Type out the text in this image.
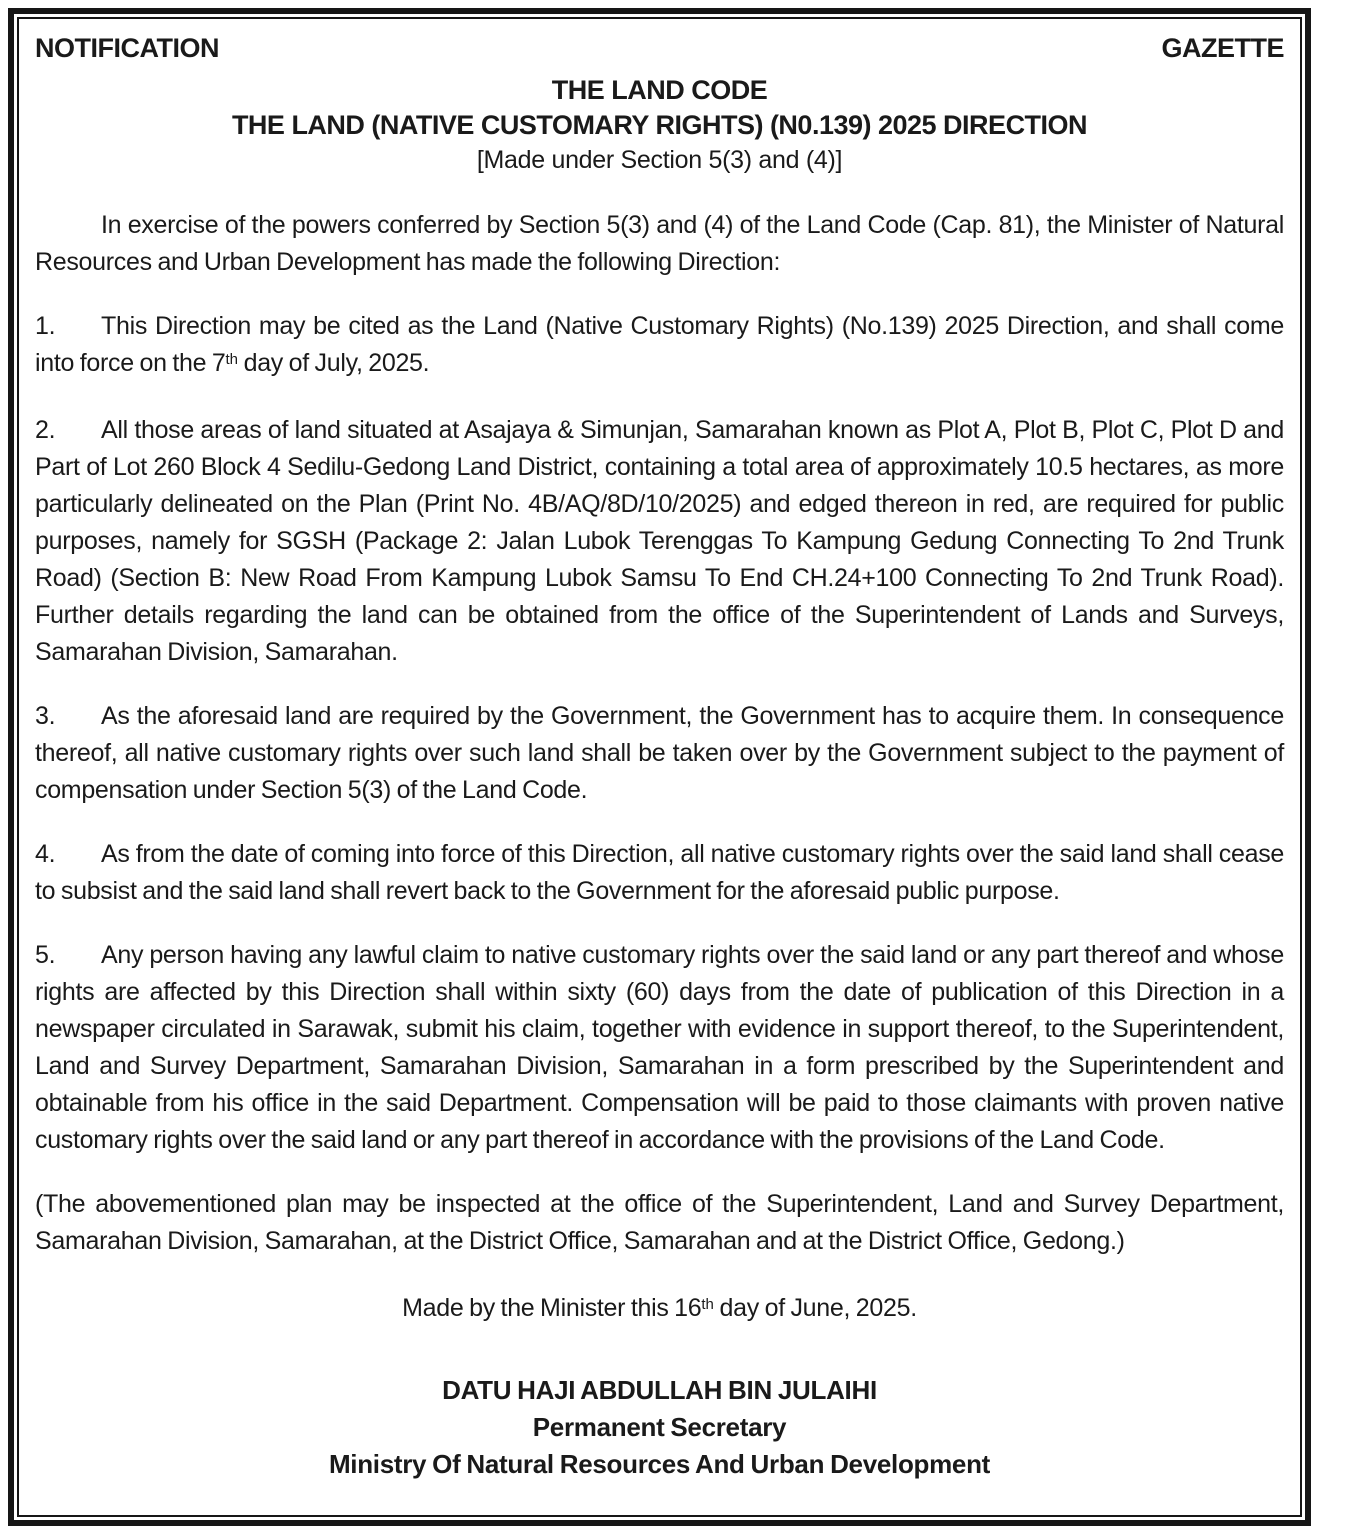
NOTIFICATION	GAZETTE
THE LAND CODE
THE LAND (NATIVE CUSTOMARY RIGHTS) (N0.139) 2025 DIRECTION
[Made under Section 5(3) and (4)]

In exercise of the powers conferred by Section 5(3) and (4) of the Land Code (Cap. 81), the Minister of Natural Resources and Urban Development has made the following Direction:

1. This Direction may be cited as the Land (Native Customary Rights) (No.139) 2025 Direction, and shall come into force on the 7th day of July, 2025.

2. All those areas of land situated at Asajaya & Simunjan, Samarahan known as Plot A, Plot B, Plot C, Plot D and Part of Lot 260 Block 4 Sedilu-Gedong Land District, containing a total area of approximately 10.5 hectares, as more particularly delineated on the Plan (Print No. 4B/AQ/8D/10/2025) and edged thereon in red, are required for public purposes, namely for SGSH (Package 2: Jalan Lubok Terenggas To Kampung Gedung Connecting To 2nd Trunk Road) (Section B: New Road From Kampung Lubok Samsu To End CH.24+100 Connecting To 2nd Trunk Road). Further details regarding the land can be obtained from the office of the Superintendent of Lands and Surveys, Samarahan Division, Samarahan.

3. As the aforesaid land are required by the Government, the Government has to acquire them. In consequence thereof, all native customary rights over such land shall be taken over by the Government subject to the payment of compensation under Section 5(3) of the Land Code.

4. As from the date of coming into force of this Direction, all native customary rights over the said land shall cease to subsist and the said land shall revert back to the Government for the aforesaid public purpose.

5. Any person having any lawful claim to native customary rights over the said land or any part thereof and whose rights are affected by this Direction shall within sixty (60) days from the date of publication of this Direction in a newspaper circulated in Sarawak, submit his claim, together with evidence in support thereof, to the Superintendent, Land and Survey Department, Samarahan Division, Samarahan in a form prescribed by the Superintendent and obtainable from his office in the said Department. Compensation will be paid to those claimants with proven native customary rights over the said land or any part thereof in accordance with the provisions of the Land Code.

(The abovementioned plan may be inspected at the office of the Superintendent, Land and Survey Department, Samarahan Division, Samarahan, at the District Office, Samarahan and at the District Office, Gedong.)

Made by the Minister this 16th day of June, 2025.

DATU HAJI ABDULLAH BIN JULAIHI
Permanent Secretary
Ministry Of Natural Resources And Urban Development
